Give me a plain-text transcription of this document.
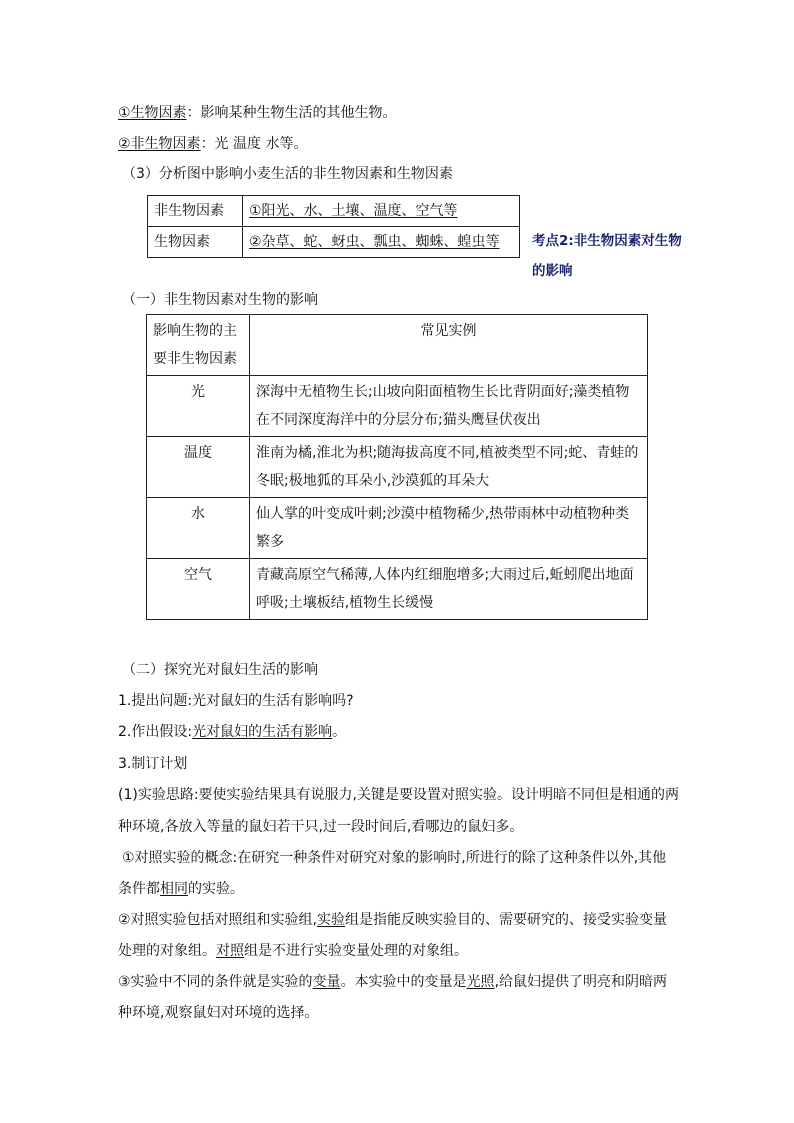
①生物因素：影响某种生物生活的其他生物。
②非生物因素：光 温度 水等。
（3）分析图中影响小麦生活的非生物因素和生物因素
非生物因素	①阳光、水、土壤、温度、空气等
生物因素	②杂草、蛇、蚜虫、瓢虫、蜘蛛、蝗虫等 考点2:非生物因素对生物的影响
（一）非生物因素对生物的影响
影响生物的主要非生物因素	常见实例
光	深海中无植物生长;山坡向阳面植物生长比背阴面好;藻类植物在不同深度海洋中的分层分布;猫头鹰昼伏夜出
温度	淮南为橘,淮北为枳;随海拔高度不同,植被类型不同;蛇、青蛙的冬眠;极地狐的耳朵小,沙漠狐的耳朵大
水	仙人掌的叶变成叶刺;沙漠中植物稀少,热带雨林中动植物种类繁多
空气	青藏高原空气稀薄,人体内红细胞增多;大雨过后,蚯蚓爬出地面呼吸;土壤板结,植物生长缓慢
（二）探究光对鼠妇生活的影响
1.提出问题:光对鼠妇的生活有影响吗?
2.作出假设:光对鼠妇的生活有影响。
3.制订计划
(1)实验思路:要使实验结果具有说服力,关键是要设置对照实验。设计明暗不同但是相通的两
种环境,各放入等量的鼠妇若干只,过一段时间后,看哪边的鼠妇多。
①对照实验的概念:在研究一种条件对研究对象的影响时,所进行的除了这种条件以外,其他
条件都相同的实验。
②对照实验包括对照组和实验组,实验组是指能反映实验目的、需要研究的、接受实验变量
处理的对象组。对照组是不进行实验变量处理的对象组。
③实验中不同的条件就是实验的变量。本实验中的变量是光照,给鼠妇提供了明亮和阴暗两
种环境,观察鼠妇对环境的选择。
